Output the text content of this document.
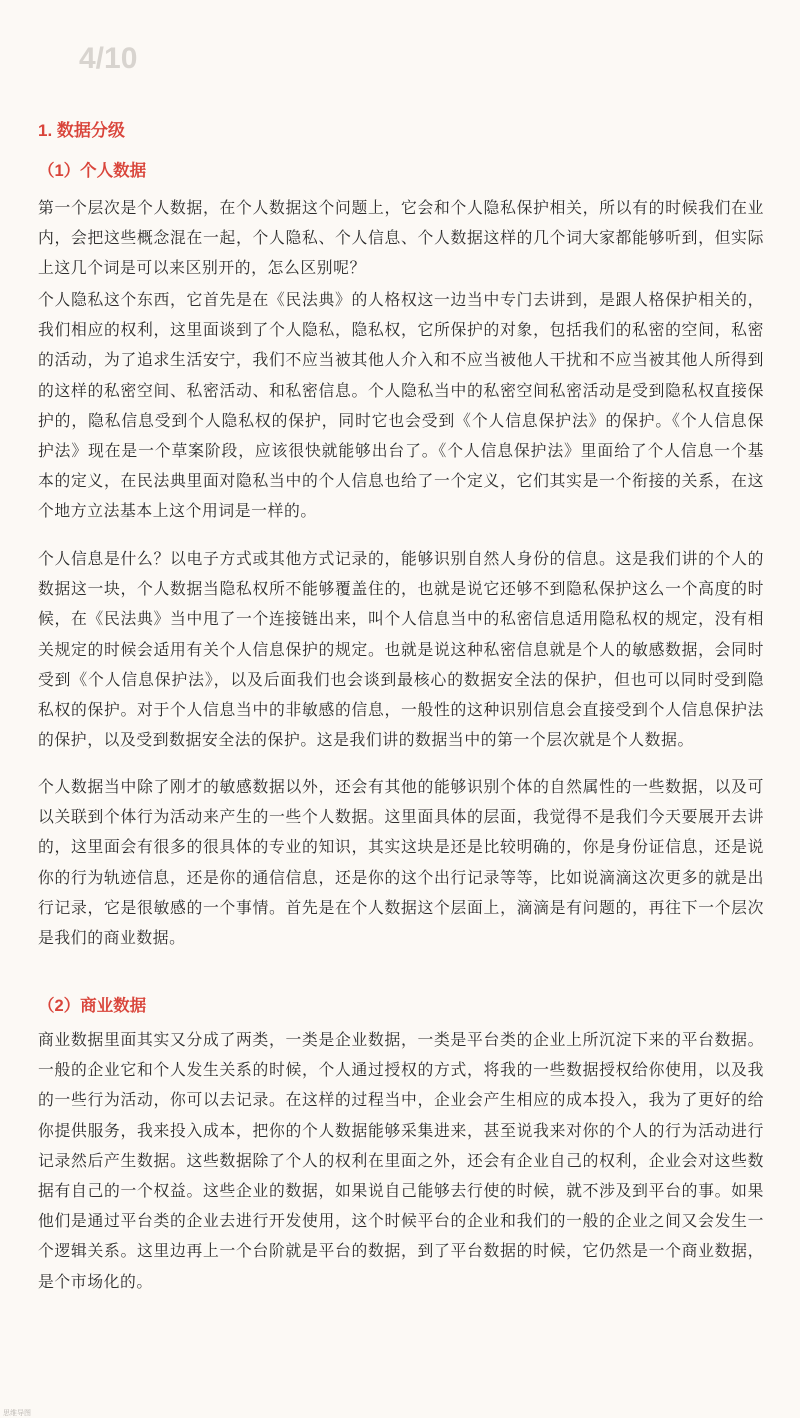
4/10
1. 数据分级
（1）个人数据

第一个层次是个人数据，在个人数据这个问题上，它会和个人隐私保护相关，所以有的时候我们在业内，会把这些概念混在一起，个人隐私、个人信息、个人数据这样的几个词大家都能够听到，但实际上这几个词是可以来区别开的，怎么区别呢？

个人隐私这个东西，它首先是在《民法典》的人格权这一边当中专门去讲到，是跟人格保护相关的，我们相应的权利，这里面谈到了个人隐私，隐私权，它所保护的对象，包括我们的私密的空间，私密的活动，为了追求生活安宁，我们不应当被其他人介入和不应当被他人干扰和不应当被其他人所得到的这样的私密空间、私密活动、和私密信息。个人隐私当中的私密空间私密活动是受到隐私权直接保护的，隐私信息受到个人隐私权的保护，同时它也会受到《个人信息保护法》的保护。《个人信息保护法》现在是一个草案阶段，应该很快就能够出台了。《个人信息保护法》里面给了个人信息一个基本的定义，在民法典里面对隐私当中的个人信息也给了一个定义，它们其实是一个衔接的关系，在这个地方立法基本上这个用词是一样的。

个人信息是什么？以电子方式或其他方式记录的，能够识别自然人身份的信息。这是我们讲的个人的数据这一块，个人数据当隐私权所不能够覆盖住的，也就是说它还够不到隐私保护这么一个高度的时候，在《民法典》当中甩了一个连接链出来，叫个人信息当中的私密信息适用隐私权的规定，没有相关规定的时候会适用有关个人信息保护的规定。也就是说这种私密信息就是个人的敏感数据，会同时受到《个人信息保护法》，以及后面我们也会谈到最核心的数据安全法的保护，但也可以同时受到隐私权的保护。对于个人信息当中的非敏感的信息，一般性的这种识别信息会直接受到个人信息保护法的保护，以及受到数据安全法的保护。这是我们讲的数据当中的第一个层次就是个人数据。

个人数据当中除了刚才的敏感数据以外，还会有其他的能够识别个体的自然属性的一些数据，以及可以关联到个体行为活动来产生的一些个人数据。这里面具体的层面，我觉得不是我们今天要展开去讲的，这里面会有很多的很具体的专业的知识，其实这块是还是比较明确的，你是身份证信息，还是说你的行为轨迹信息，还是你的通信信息，还是你的这个出行记录等等，比如说滴滴这次更多的就是出行记录，它是很敏感的一个事情。首先是在个人数据这个层面上，滴滴是有问题的，再往下一个层次是我们的商业数据。

（2）商业数据

商业数据里面其实又分成了两类，一类是企业数据，一类是平台类的企业上所沉淀下来的平台数据。一般的企业它和个人发生关系的时候，个人通过授权的方式，将我的一些数据授权给你使用，以及我的一些行为活动，你可以去记录。在这样的过程当中，企业会产生相应的成本投入，我为了更好的给你提供服务，我来投入成本，把你的个人数据能够采集进来，甚至说我来对你的个人的行为活动进行记录然后产生数据。这些数据除了个人的权利在里面之外，还会有企业自己的权利，企业会对这些数据有自己的一个权益。这些企业的数据，如果说自己能够去行使的时候，就不涉及到平台的事。如果他们是通过平台类的企业去进行开发使用，这个时候平台的企业和我们的一般的企业之间又会发生一个逻辑关系。这里边再上一个台阶就是平台的数据，到了平台数据的时候，它仍然是一个商业数据，是个市场化的。

思维导图
